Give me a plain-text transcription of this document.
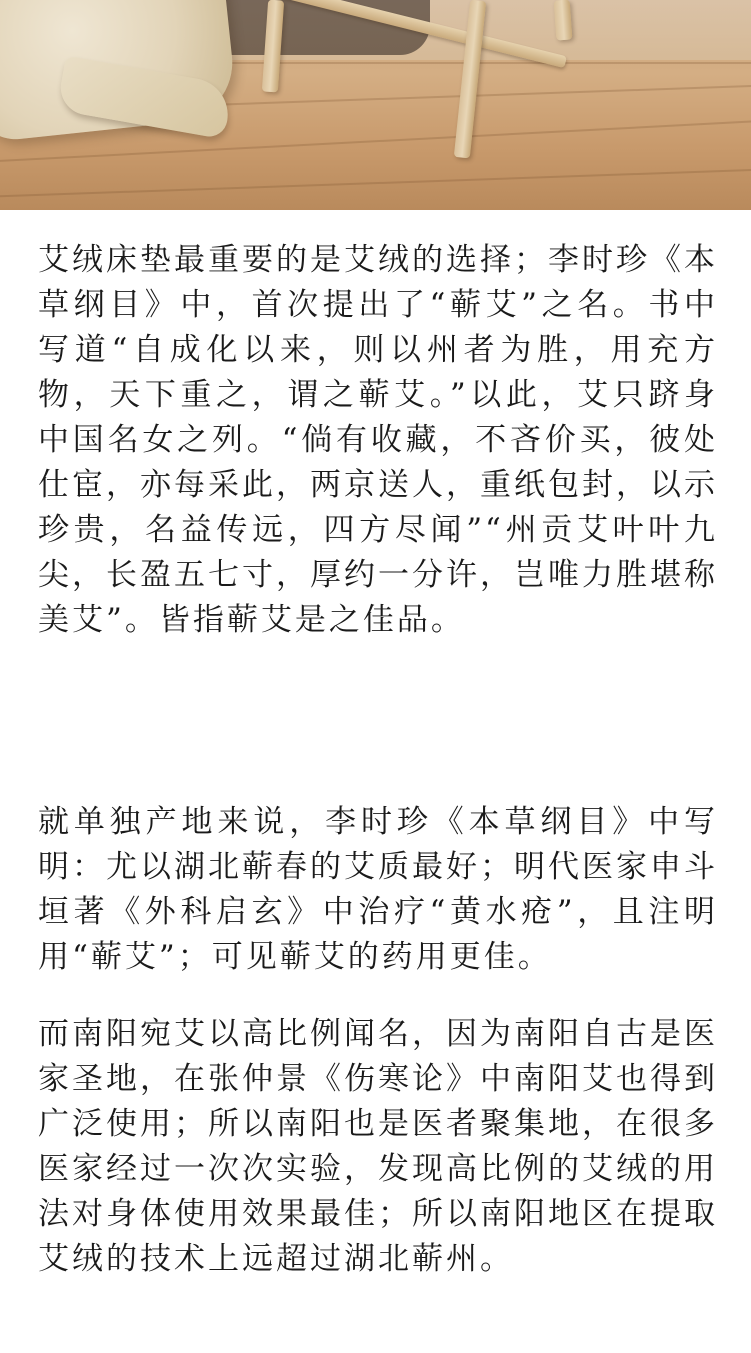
艾绒床垫最重要的是艾绒的选择；李时珍《本草纲目》中，首次提出了“蕲艾”之名。书中写道“自成化以来，则以州者为胜，用充方物，天下重之，谓之蕲艾。”以此，艾只跻身中国名女之列。“倘有收藏，不吝价买，彼处仕宦，亦每采此，两京送人，重纸包封，以示珍贵，名益传远，四方尽闻”“州贡艾叶叶九尖，长盈五七寸，厚约一分许，岂唯力胜堪称美艾”。皆指蕲艾是之佳品。

就单独产地来说，李时珍《本草纲目》中写明：尤以湖北蕲春的艾质最好；明代医家申斗垣著《外科启玄》中治疗“黄水疮”，且注明用“蕲艾”；可见蕲艾的药用更佳。

而南阳宛艾以高比例闻名，因为南阳自古是医家圣地，在张仲景《伤寒论》中南阳艾也得到广泛使用；所以南阳也是医者聚集地，在很多医家经过一次次实验，发现高比例的艾绒的用法对身体使用效果最佳；所以南阳地区在提取艾绒的技术上远超过湖北蕲州。
